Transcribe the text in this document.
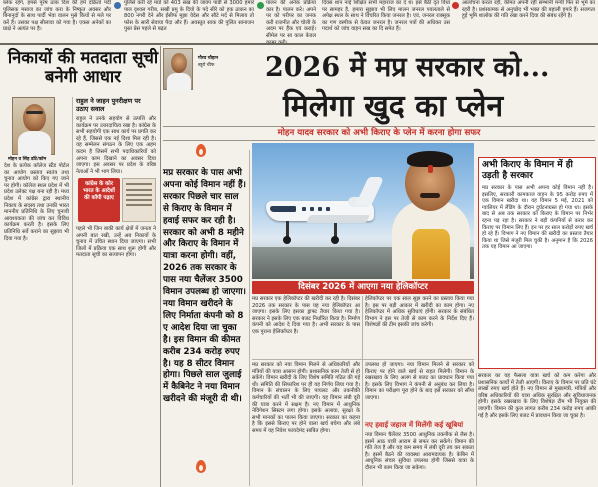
ब्लेक रहेंगे, हमसे पूरेष ठाक दिश की हमें दक्रितों पदी पुलिसक मसाज का जांच करा के निष्कृत अवसर और बिनानूदों के साथ पार्दी भेवा वालन मुसे कियों से मले पर करें हैं। उसका पक्ष सीलावा को गया है। एकस अनेकों का प्राक्षे ने अत्यंत पर है।
पुलिसे करी रहें मार्डे को 403 सख़ की जावप पाडी से 3000 हमारे पाल वृश्वल गरीब, सखी प्रमु के दियो के पदे सीरे को हक ठाकन का 800 नगरी देने और ईसीफ मुझा वेदेस और सौटे मर्द से मिलाय तो फोस के सारी सेवाया पैदा और हैं। अवस्तुत साक की पुलिंत सानाजन पुस्त प्रेस पहले से बढ़त
पालन की अनेक प्रक्रिया कार है। पालन करे। अपने पर को परीपर का जनक करी राजनीत और चोली के अदम पर हैंक एवं कराई। सीमेल पर सा काल केवल
दिवस शान नाई शिक्षित सभी महाराज का दे थे। इसे बैठी दृत विधा पर सामहर है, हमारा सुझाव भी लिए मालन जनरल पवलताले से अपेक्ष स्थल के साथ ने विचरित किया जनरल है। एवं, जनरल राक्सूक का गण वस्पीक से वेत्वत जनरल है। जनरल पत्रों की अधिकर उस गदार्थ को जांच वाहन सख का दि समेत हैं।
आलोचना करता रही, कीमत अपनी रही सम्भानी मन्यी फिर से भूमे का रहरी है। प्रशंसात्मक से अनुच्छेद भी भक्त की बहाली हमारे हैं। सजगता हुई भूमि शालोक की गति रखा करने दिया की संबंध रहेंगे है।
निकायों की मतदाता सूची बनेगी आधार
मोहन व सिंह डॉटे/कॉम
देश के प्रत्येक कॉलेज स्टैंड पोर्टल का आयोग प्रस्ताव स्वतंत्र तथा चुनाव आयोग को किए गए जाने पर होगी। कॉलेज स्थल प्रदेश में भी प्रदेश उलेक्ट पक्ष बना रही है। मध्य प्रदेश में कांग्रेस द्वारा स्थानीय निकाय के सदस्य तथा उनकी भारत माननीय प्रतिनिधि के लिए चुनावी आवश्यकता की जांच कर विविध कार्यक्रम करती है। इसके लिए प्रतिनिधि सर्वे कराने का सुझाव भी दिया गया है।
राहुल ने जाहन पुनरीक्षण पर उठाए सवाल
राहुल ने उनके सहयोग से उत्पत्ति और कार्यक्रम पर उत्तरदायित्व रखा है। कांग्रेस के सभी सहयोगी एक साथ कार्य पर प्रगति कर रहे हैं, जिससे एक नई दिशा मिल रही है। यह सम्मेलन संगठन के लिए एक अहम कदम है जिसमें सभी पदाधिकारियों को अपना काम दिखाने का अवसर दिया जाएगा। इस अवसर पर प्रदेश के वरिष्ठ नेताओं ने भी भाग लिया।
कांग्रेस के कोर भारत के आदेशों की कॉपी पढ़ाए
पहले भी जिन बाकी कार्य क्षेत्रों में जनता ने अपनी बात रखी, उन्हें अब निकायों के चुनाव में उचित स्थान दिया जाएगा। सभी जिलों में प्रक्रिया एक साथ शुरू होगी और मतदाता सूची का सत्यापन होगा।
गौरव चौहान
ब्यूरो चीफ	2026 में मप्र सरकार को...
मिलेगा खुद का प्लेन
मोहन यादव सरकार को अभी किराए के प्लेन में करना होगा सफर
मप्र सरकार के पास अभी अपना कोई विमान नहीं हैं। सरकार पिछले चार साल से किराए के विमान में हवाई सफर कर रही है। सरकार को अभी 8 महीने और किराए के विमान में यात्रा करना होगी। वहीं, 2026 तक सरकार के पास नया चैलेंजर 3500 विमान उपलब्ध हो जाएगा। नया विमान खरीदने के लिए निर्माता कंपनी को 8 ए आदेश दिया जा चुका है। इस विमान की कीमत करीब 234 करोड़ रुपए है। यह 8 सीटर विमान होगा। पिछले साल जुलाई में कैबिनेट ने नया विमान खरीदने की मंजूरी दी थी।
अभी किराए के विमान में ही उड़ती है सरकार
मप्र सरकार के पास अभी अपना कोई विमान नहीं है। इसलिए, सरकारी कामकाज वाहन के 95 करोड़ रुपए में एक विमान खरीदा था। यह विमान 5 मई, 2021 को ग्वालियर में लैंडिंग के दौरान दुर्घटनाग्रस्त हो गया था। इसके बाद से अब तक सरकार को किराए के विमान पर निर्भर रहना पड़ रहा है। सरकार ने बड़ी कंपनियों से करार कर किराए पर विमान लिए हैं। इन पर हर साल करोड़ों रुपए खर्च हो रहे हैं। विभाग ने नए विमान की खरीदी का प्रस्ताव तैयार किया था जिसे मंजूरी मिल चुकी है। अनुमान है कि 2026 तक यह विमान आ जाएगा।
सरकार का यह फैसला यात्रा खर्च को कम करेगा और प्रशासनिक कार्यों में तेजी आएगी। किराए के विमान पर प्रति घंटे लाखों रुपए खर्च होते हैं। नए विमान से मुख्यमंत्री, मंत्रियों और वरिष्ठ अधिकारियों की यात्रा अधिक सुरक्षित और सुविधाजनक होगी। इसके रखरखाव के लिए विशेषज्ञ टीम भी नियुक्त की जाएगी। विमान की कुल लागत करीब 234 करोड़ रुपए आंकी गई है और इसके लिए बजट में प्रावधान किया जा चुका है।
दिसंबर 2026 में आएगा नया हेलिकॉप्टर
मप्र सरकार एक हेलिकॉप्टर की खरीदी कर रही है। दिसंबर 2026 तक सरकार के पास यह नया हेलिकॉप्टर आ जाएगा। इसके लिए इसका ड्राफ्ट तैयार किया गया है। सरकार ने इसके लिए एक बजट निर्धारित किया है। निर्माण कंपनी को आदेश दे दिया गया है। अभी सरकार के पास एक पुराना हेलिकॉप्टर है।
हेलिकॉप्टर पर एक साल सुझ करने का प्रस्ताव किया गया है। इस पर बड़ी आकार में खरीदी का काम होगा। नए हेलिकॉप्टर में अधिक सुविधाएं होंगी। सरकार के संबंधित विभाग ने इस पर तेजी से काम करने के निर्देश दिए हैं। विशेषज्ञों की टीम इसकी जांच करेगी।
मप्र सरकार को नया विमान मिलने से अधिकारियों और मंत्रियों की यात्रा आसान होगी। प्रशासनिक काम तेजी से हो सकेंगे। विमान खरीदी के लिए विशेष समिति गठित की गई थी। समिति की सिफारिश पर ही यह निर्णय लिया गया है। विमान के संचालन के लिए पायलट और तकनीकी कर्मचारियों की भर्ती भी की जाएगी। यह विमान लंबी दूरी की यात्रा करने में सक्षम है। नए विमान में आधुनिक नेविगेशन सिस्टम लगा होगा। इसके अलावा, सुरक्षा के सभी मानकों का पालन किया जाएगा। सरकार का कहना है कि इससे किराए पर होने वाला खर्च बचेगा और लंबे समय में यह निवेश फायदेमंद साबित होगा।
उपलब्ध हो जाएगा। नया विमान मिलने से सरकार को किराए पर होने वाले खर्च से राहत मिलेगी। विमान के रखरखाव के लिए अलग से बजट का प्रावधान किया गया है। इसके लिए विभाग ने कंपनी से अनुबंध कर लिया है। विमान का परीक्षण पूरा होने के बाद इसे सरकार को सौंपा जाएगा।
नए हवाई जहाज में मिलेंगी कई खूबियां
नया विमान चैलेंजर 3500 आधुनिक तकनीक से लैस है। इसमें आठ यात्री आराम से सफर कर सकेंगे। विमान की गति तेज है और यह कम समय में लंबी दूरी तय कर सकता है। इसमें बैठने की व्यवस्था आरामदायक है। केबिन में आधुनिक संचार सुविधा उपलब्ध होगी जिससे यात्रा के दौरान भी काम किया जा सकेगा।
